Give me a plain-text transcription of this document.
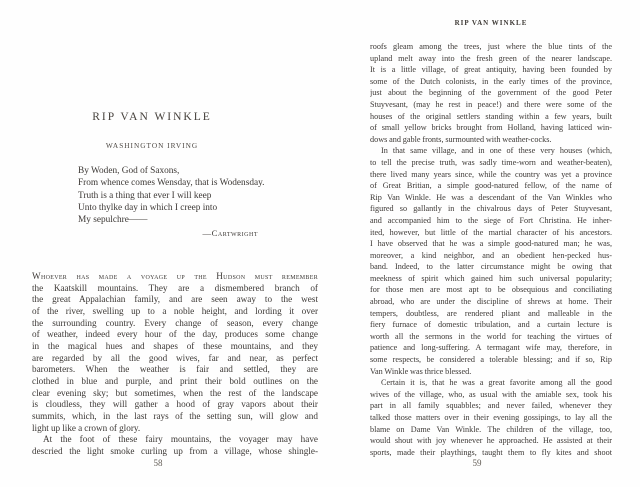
RIP VAN WINKLE
WASHINGTON IRVING
By Woden, God of Saxons,
From whence comes Wensday, that is Wodensday.
Truth is a thing that ever I will keep
Unto thylke day in which I creep into
My sepulchre——
—Cartwright
Whoever has made a voyage up the Hudson must remember
the Kaatskill mountains. They are a dismembered branch of
the great Appalachian family, and are seen away to the west
of the river, swelling up to a noble height, and lording it over
the surrounding country. Every change of season, every change
of weather, indeed every hour of the day, produces some change
in the magical hues and shapes of these mountains, and they
are regarded by all the good wives, far and near, as perfect
barometers. When the weather is fair and settled, they are
clothed in blue and purple, and print their bold outlines on the
clear evening sky; but sometimes, when the rest of the landscape
is cloudless, they will gather a hood of gray vapors about their
summits, which, in the last rays of the setting sun, will glow and
light up like a crown of glory.
At the foot of these fairy mountains, the voyager may have
descried the light smoke curling up from a village, whose shingle-
58
RIP VAN WINKLE
roofs gleam among the trees, just where the blue tints of the
upland melt away into the fresh green of the nearer landscape.
It is a little village, of great antiquity, having been founded by
some of the Dutch colonists, in the early times of the province,
just about the beginning of the government of the good Peter
Stuyvesant, (may he rest in peace!) and there were some of the
houses of the original settlers standing within a few years, built
of small yellow bricks brought from Holland, having latticed win-
dows and gable fronts, surmounted with weather-cocks.
In that same village, and in one of these very houses (which,
to tell the precise truth, was sadly time-worn and weather-beaten),
there lived many years since, while the country was yet a province
of Great Britian, a simple good-natured fellow, of the name of
Rip Van Winkle. He was a descendant of the Van Winkles who
figured so gallantly in the chivalrous days of Peter Stuyvesant,
and accompanied him to the siege of Fort Christina. He inher-
ited, however, but little of the martial character of his ancestors.
I have observed that he was a simple good-natured man; he was,
moreover, a kind neighbor, and an obedient hen-pecked hus-
band. Indeed, to the latter circumstance might be owing that
meekness of spirit which gained him such universal popularity;
for those men are most apt to be obsequious and conciliating
abroad, who are under the discipline of shrews at home. Their
tempers, doubtless, are rendered pliant and malleable in the
fiery furnace of domestic tribulation, and a curtain lecture is
worth all the sermons in the world for teaching the virtues of
patience and long-suffering. A termagant wife may, therefore, in
some respects, be considered a tolerable blessing; and if so, Rip
Van Winkle was thrice blessed.
Certain it is, that he was a great favorite among all the good
wives of the village, who, as usual with the amiable sex, took his
part in all family squabbles; and never failed, whenever they
talked those matters over in their evening gossipings, to lay all the
blame on Dame Van Winkle. The children of the village, too,
would shout with joy whenever he approached. He assisted at their
sports, made their playthings, taught them to fly kites and shoot
59
